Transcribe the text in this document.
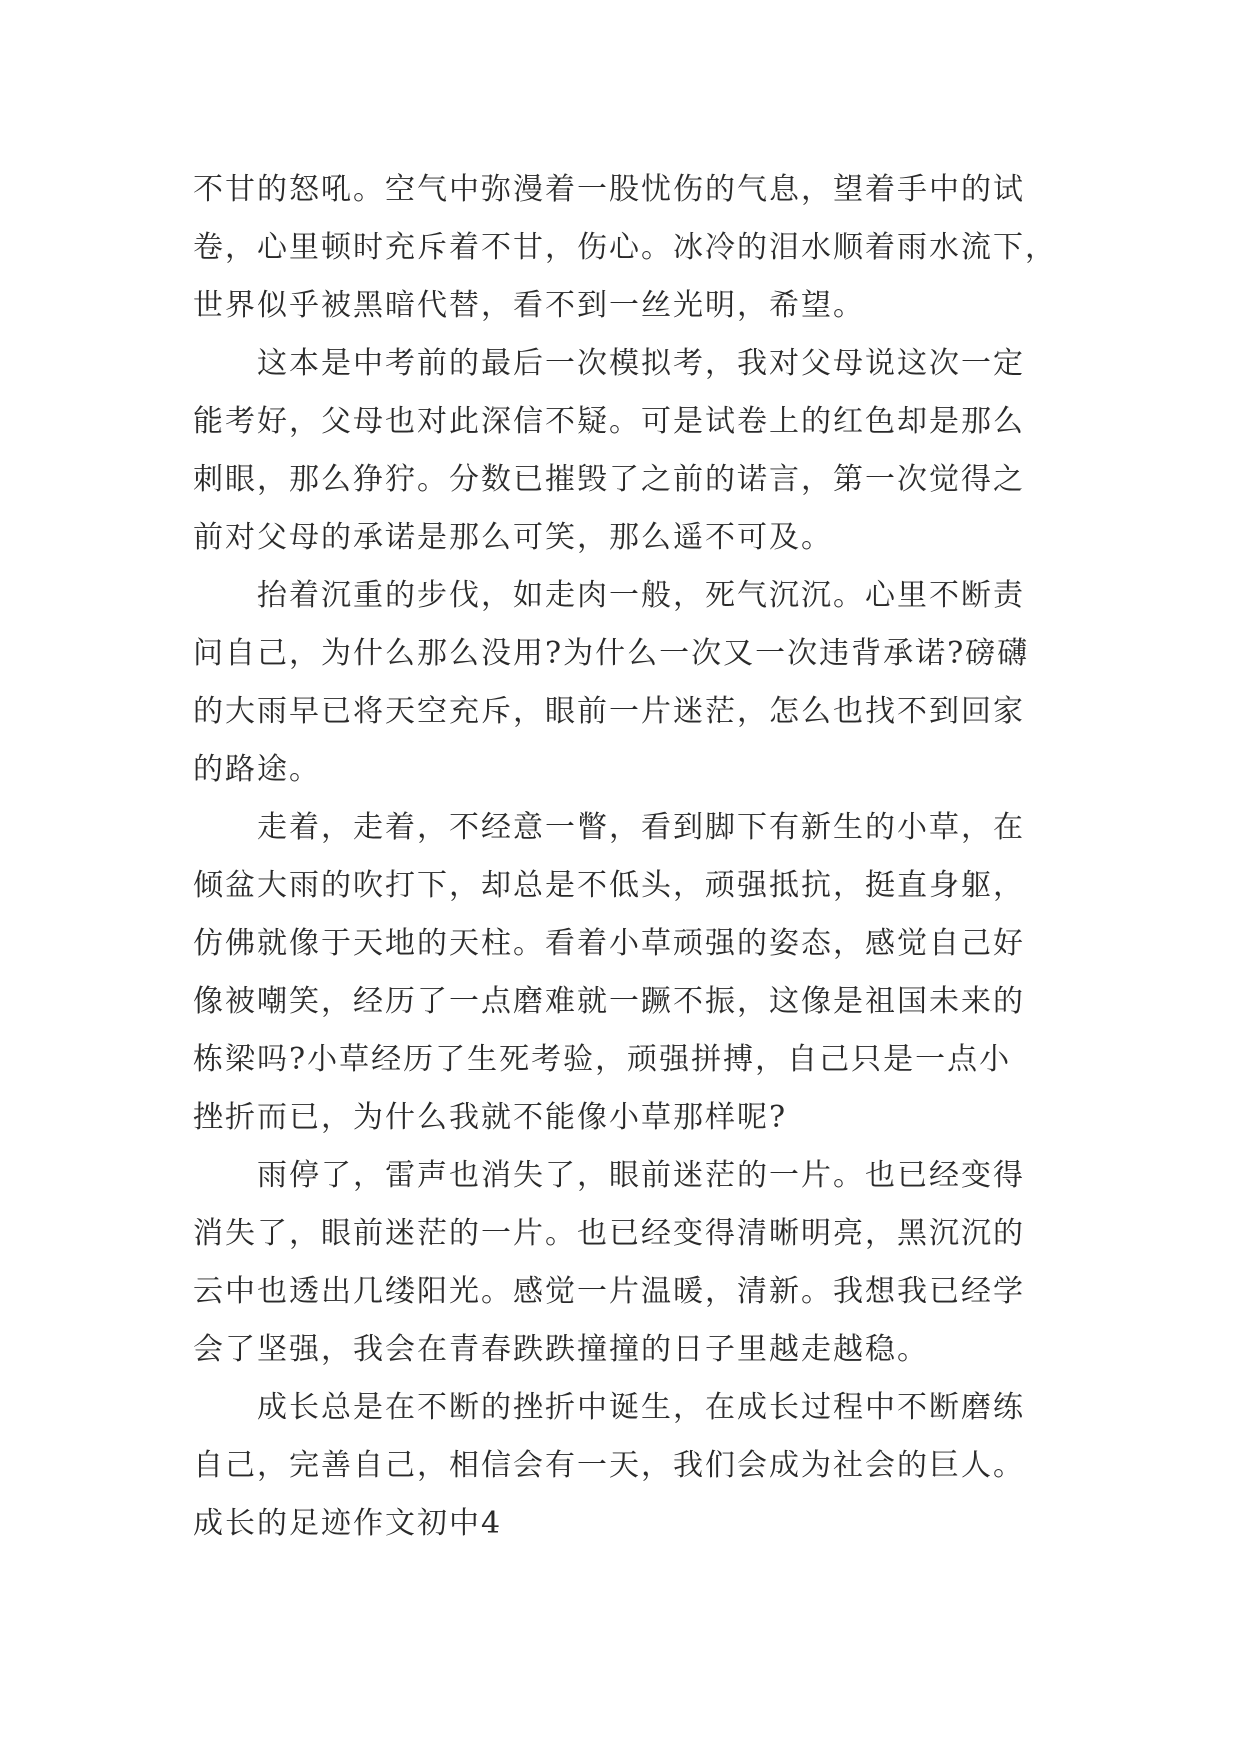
不甘的怒吼。空气中弥漫着一股忧伤的气息，望着手中的试
卷，心里顿时充斥着不甘，伤心。冰冷的泪水顺着雨水流下，
世界似乎被黑暗代替，看不到一丝光明，希望。

这本是中考前的最后一次模拟考，我对父母说这次一定
能考好，父母也对此深信不疑。可是试卷上的红色却是那么
刺眼，那么狰狞。分数已摧毁了之前的诺言，第一次觉得之
前对父母的承诺是那么可笑，那么遥不可及。

抬着沉重的步伐，如走肉一般，死气沉沉。心里不断责
问自己，为什么那么没用?为什么一次又一次违背承诺?磅礴
的大雨早已将天空充斥，眼前一片迷茫，怎么也找不到回家
的路途。

走着，走着，不经意一瞥，看到脚下有新生的小草，在
倾盆大雨的吹打下，却总是不低头，顽强抵抗，挺直身躯，
仿佛就像于天地的天柱。看着小草顽强的姿态，感觉自己好
像被嘲笑，经历了一点磨难就一蹶不振，这像是祖国未来的
栋梁吗?小草经历了生死考验，顽强拼搏，自己只是一点小
挫折而已，为什么我就不能像小草那样呢?

雨停了，雷声也消失了，眼前迷茫的一片。也已经变得
消失了，眼前迷茫的一片。也已经变得清晰明亮，黑沉沉的
云中也透出几缕阳光。感觉一片温暖，清新。我想我已经学
会了坚强，我会在青春跌跌撞撞的日子里越走越稳。

成长总是在不断的挫折中诞生，在成长过程中不断磨练
自己，完善自己，相信会有一天，我们会成为社会的巨人。

成长的足迹作文初中4
